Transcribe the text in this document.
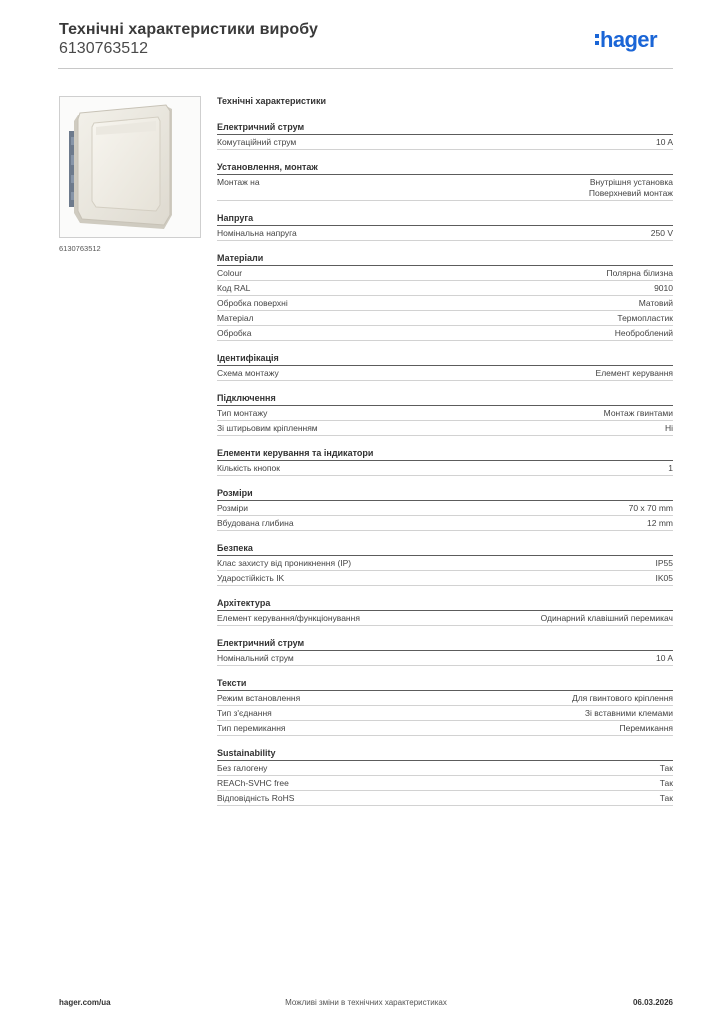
Технічні характеристики виробу
6130763512	hager
6130763512
Технічні характеристики
Електричний струм
Комутаційний струм	10 A
Установлення, монтаж
Монтаж на	Внутрішня установка
Поверхневий монтаж
Напруга
Номінальна напруга	250 V
Матеріали
Colour	Полярна білизна
Код RAL	9010
Обробка поверхні	Матовий
Матеріал	Термопластик
Обробка	Необроблений
Ідентифікація
Схема монтажу	Елемент керування
Підключення
Тип монтажу	Монтаж гвинтами
Зі штирьовим кріпленням	Ні
Елементи керування та індикатори
Кількість кнопок	1
Розміри
Розміри	70 x 70 mm
Вбудована глибина	12 mm
Безпека
Клас захисту від проникнення (IP)	IP55
Ударостійкість IK	IK05
Архітектура
Елемент керування/функціонування	Одинарний клавішний перемикач
Електричний струм
Номінальний струм	10 A
Тексти
Режим встановлення	Для гвинтового кріплення
Тип з'єднання	Зі вставними клемами
Тип перемикання	Перемикання
Sustainability
Без галогену	Так
REACh-SVHC free	Так
Відповідність RoHS	Так
hager.com/ua	Можливі зміни в технічних характеристиках	06.03.2026
